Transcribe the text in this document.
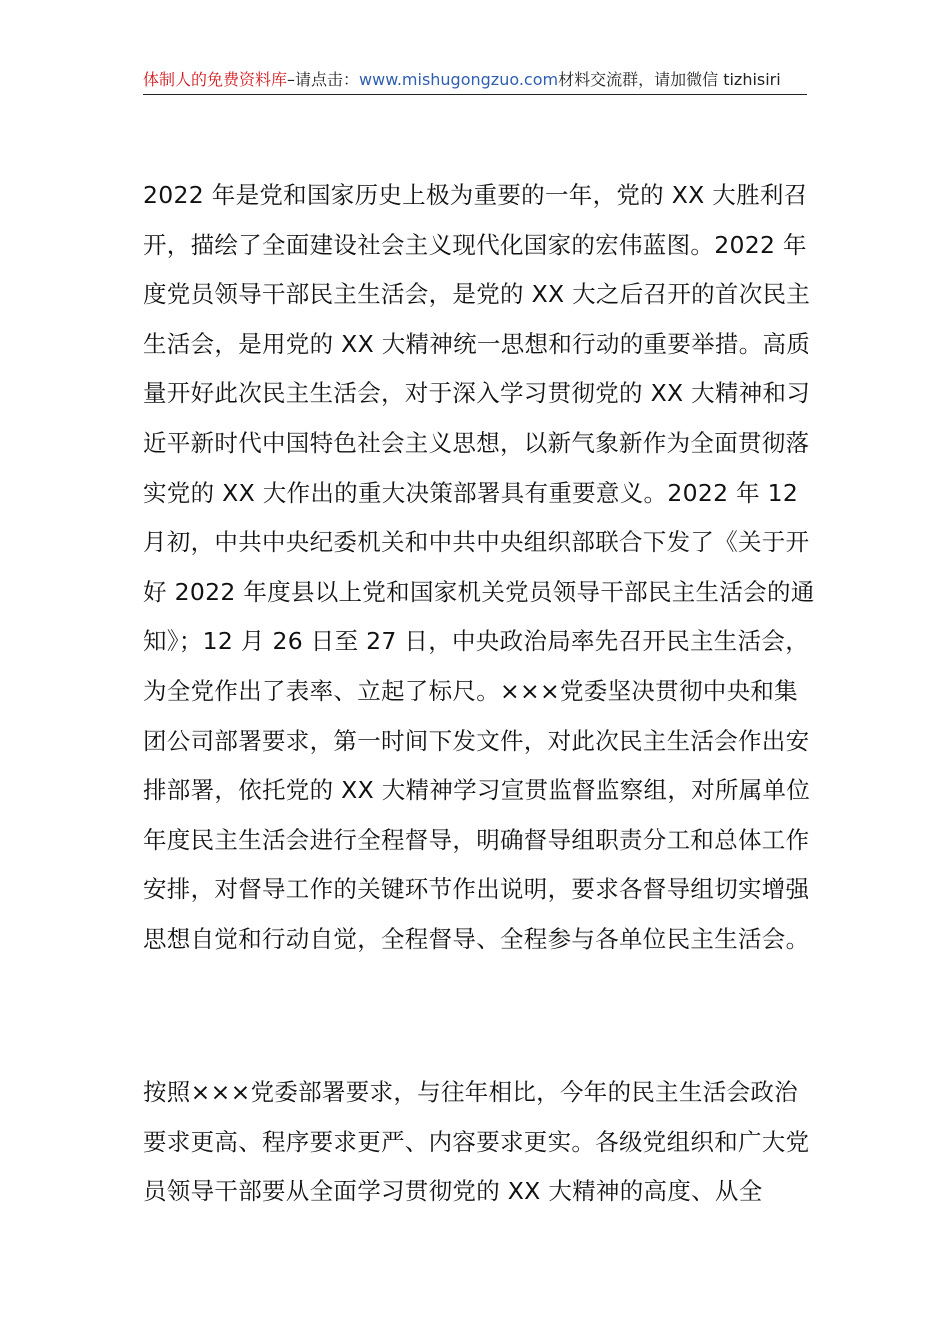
体制人的免费资料库–请点击：www.mishugongzuo.com材料交流群，请加微信 tizhisiri

2022 年是党和国家历史上极为重要的一年，党的 XX 大胜利召开，描绘了全面建设社会主义现代化国家的宏伟蓝图。2022 年度党员领导干部民主生活会，是党的 XX 大之后召开的首次民主生活会，是用党的 XX 大精神统一思想和行动的重要举措。高质量开好此次民主生活会，对于深入学习贯彻党的 XX 大精神和习近平新时代中国特色社会主义思想，以新气象新作为全面贯彻落实党的 XX 大作出的重大决策部署具有重要意义。2022 年 12 月初，中共中央纪委机关和中共中央组织部联合下发了《关于开好 2022 年度县以上党和国家机关党员领导干部民主生活会的通知》；12 月 26 日至 27 日，中央政治局率先召开民主生活会，为全党作出了表率、立起了标尺。×××党委坚决贯彻中央和集团公司部署要求，第一时间下发文件，对此次民主生活会作出安排部署，依托党的 XX 大精神学习宣贯监督监察组，对所属单位年度民主生活会进行全程督导，明确督导组职责分工和总体工作安排，对督导工作的关键环节作出说明，要求各督导组切实增强思想自觉和行动自觉，全程督导、全程参与各单位民主生活会。

按照×××党委部署要求，与往年相比，今年的民主生活会政治要求更高、程序要求更严、内容要求更实。各级党组织和广大党员领导干部要从全面学习贯彻党的 XX 大精神的高度、从全
